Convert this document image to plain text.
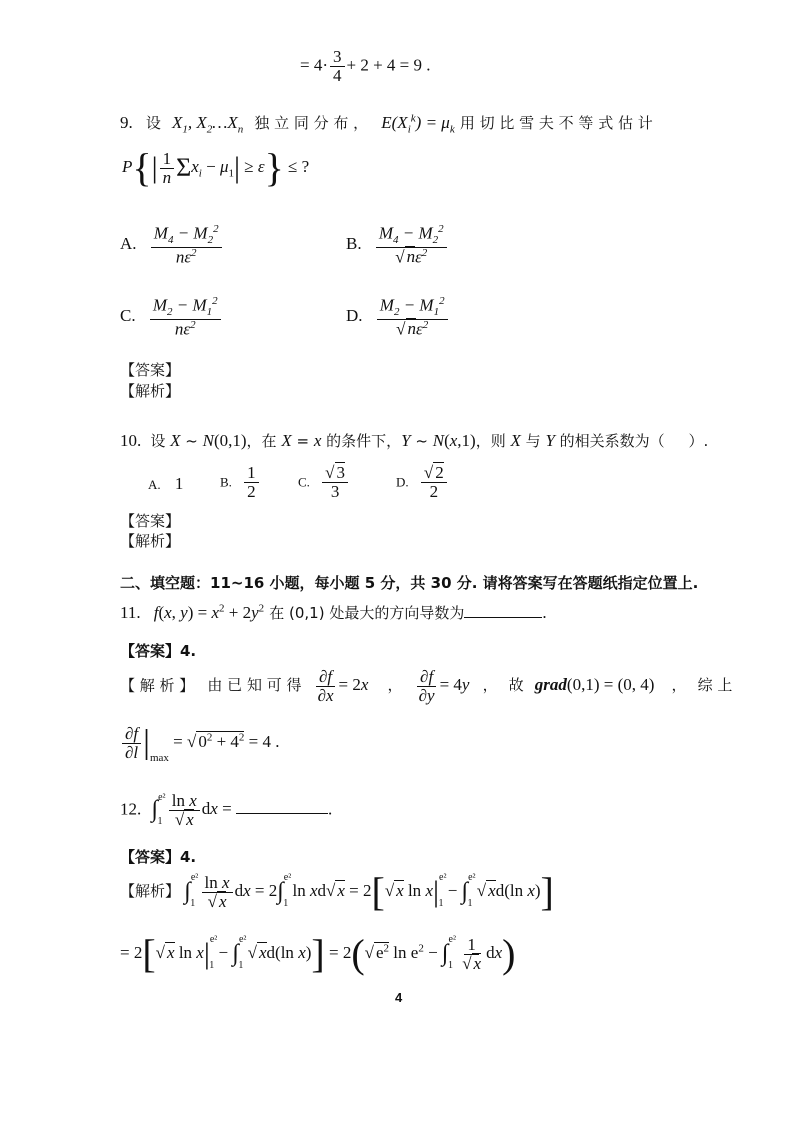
= $4\cdot \frac{3}{4} + 2 + 4 = 9$ .
9. 设 $X_1$, $X_2\dots X_n$ 独 立 同 分 布 ， $E(X_i^k) = \mu_k$ 用 切 比 雪 夫 不 等 式 估 计
$P\{| \frac{1}{n} \Sigma x_i - \mu_1| \ge \varepsilon\}$ ≤ ?
A. $\frac{M_4 - M_2^2}{n\varepsilon^2}$	B. $\frac{M_4 - M_2^2}{√ n\varepsilon^2}$
C. $\frac{M_2 - M_1^2}{n\varepsilon^2}$	D. $\frac{M_2 - M_1^2}{√ n\varepsilon^2}$
【答案】
【解析】
10. 设 X ~ N(0,1)，在 X = x 的条件下，Y ~ N(x,1)，则 X 与 Y 的相关系数为（     ）.
A. 1	B. $\frac{1}{2}$	C. $\frac{√ 3}{3}$	D. $\frac{√ 2}{2}$
【答案】
【解析】
二、填空题：11~16 小题，每小题 5 分，共 30 分. 请将答案写在答题纸指定位置上.
11. f(x, $y) = x^2 + 2y^2$ 在 (0,1) 处最大的方向导数为	.
【答案】4.
【 解 析 】 由 已 知 可 得 $\frac{\partial f}{\partial x} = 2x$ ， $\frac{\partial f}{\partial y} = 4y$ ， 故 grad(0,1) = (0, 4) ， 综 上
$\frac{\partial f}{\partial l} |_{max}$ = √ $0^2 + 4^2 = 4$ .
12. $\int^{e^2}_1 \frac{\text{ln x}}{√ x}$ dx =	.
【答案】4.
【解析】 $\int^{e^2}_1 \frac{\text{ln x}}{√ x}$ dx = 2∫$^{e^2}_1$ ln xd√ x = 2[√ x $\ln x|^{e^2}_1 - \int^{e^2}_1$ √ xd(ln x)]
= 2[√ x $\ln x|^{e^2}_1 - \int^{e^2}_1$ √ xd(ln x)] = 2(√ $e^2$ $\ln e^2 - \int^{e^2}_1 \frac{1}{√ x} dx$)
4
